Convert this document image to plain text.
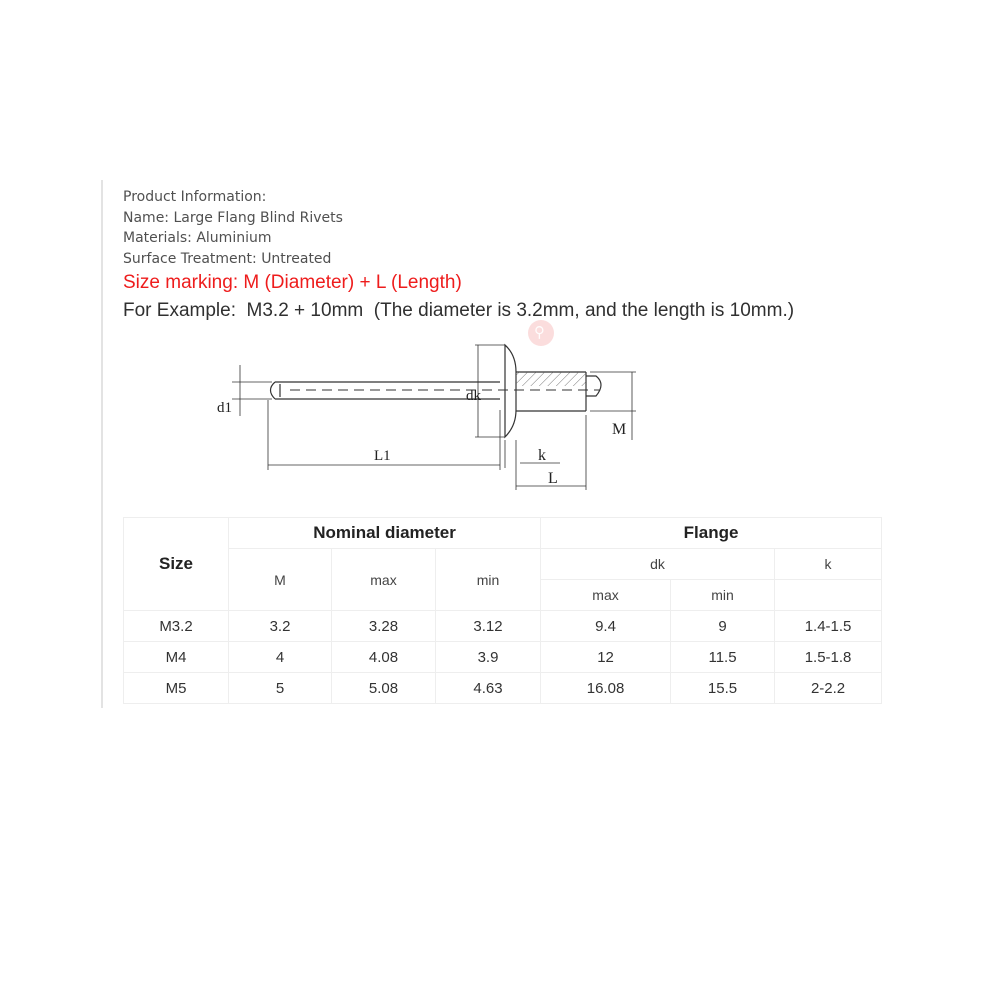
Product Information:
Name: Large Flang Blind Rivets
Materials: Aluminium
Surface Treatment: Untreated
Size marking: M (Diameter) + L (Length)
For Example:  M3.2 + 10mm  (The diameter is 3.2mm, and the length is 10mm.)
⚲
d1
dk
M
L1	k
L
Size	Nominal diameter			Flange		
	M	max	min	dk		k
				max	min	
M3.2	3.2	3.28	3.12	9.4	9	1.4-1.5
M4	4	4.08	3.9	12	11.5	1.5-1.8
M5	5	5.08	4.63	16.08	15.5	2-2.2
